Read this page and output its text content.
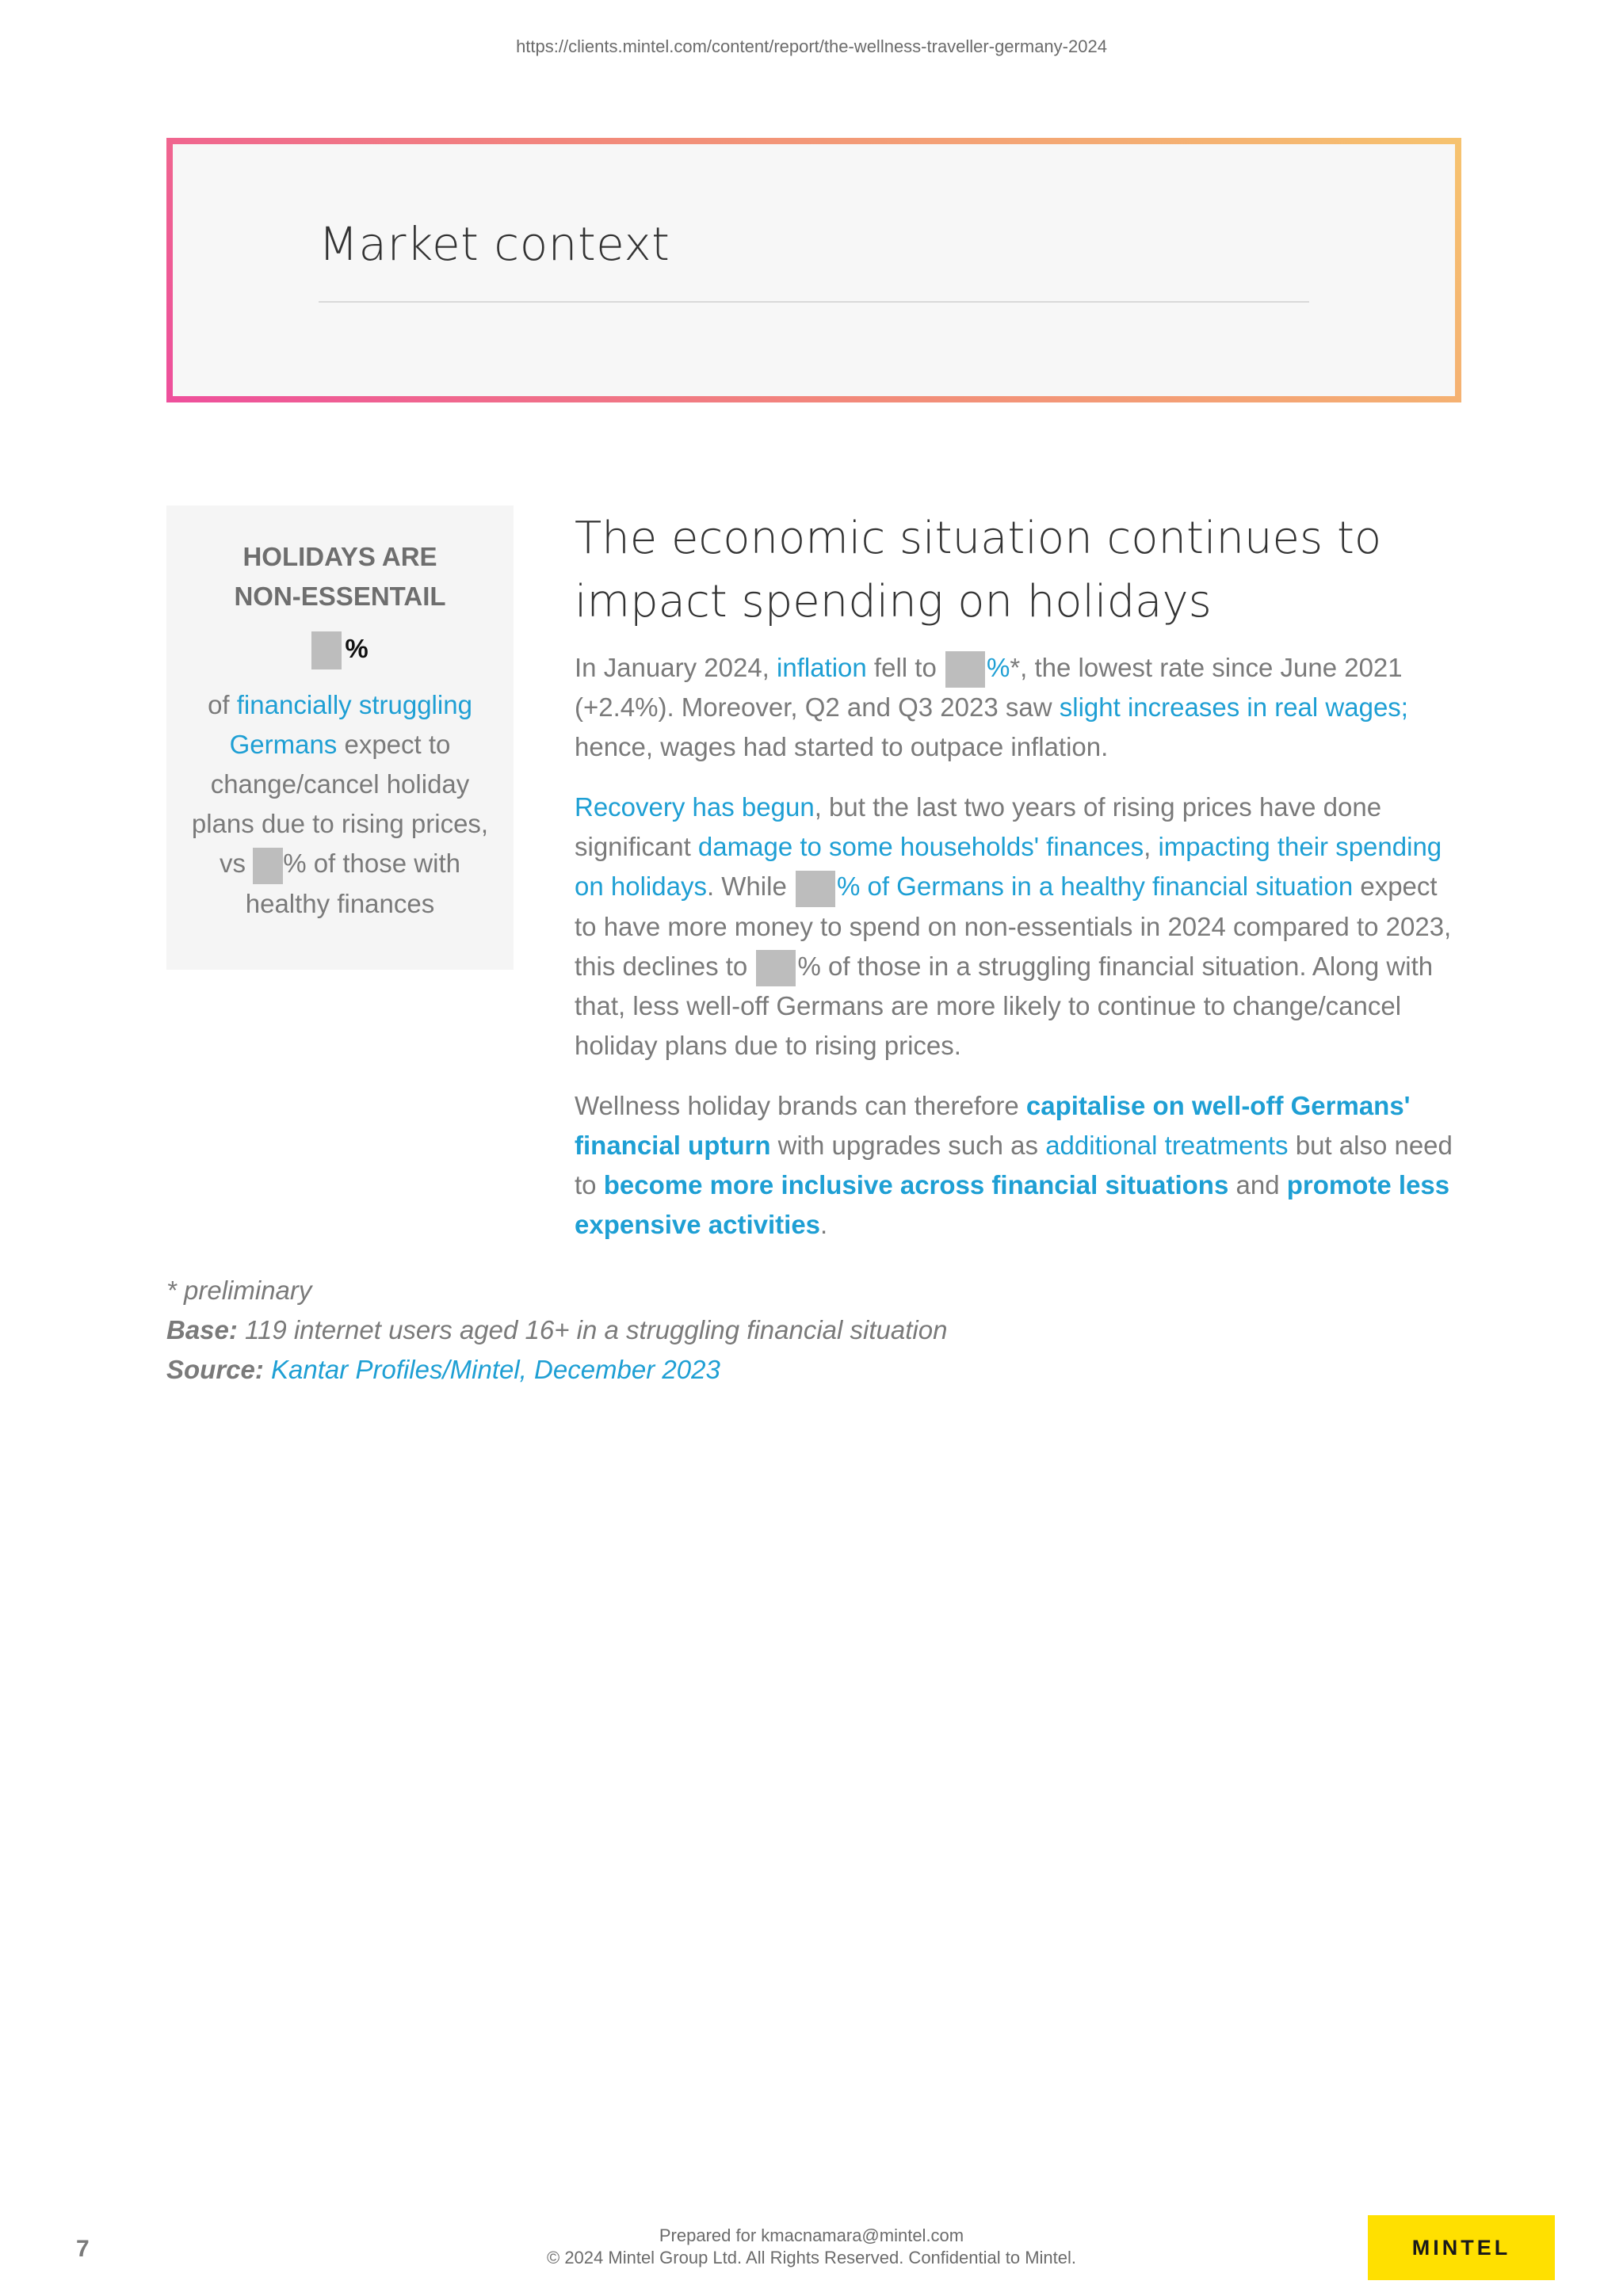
https://clients.mintel.com/content/report/the-wellness-traveller-germany-2024
Market context
HOLIDAYS ARE
NON-ESSENTAIL
%
of financially struggling Germans expect to change/cancel holiday plans due to rising prices, vs % of those with healthy finances
The economic situation continues to impact spending on holidays

In January 2024, inflation fell to %*, the lowest rate since June 2021 (+2.4%). Moreover, Q2 and Q3 2023 saw slight increases in real wages; hence, wages had started to outpace inflation.

Recovery has begun, but the last two years of rising prices have done significant damage to some households' finances, impacting their spending on holidays. While % of Germans in a healthy financial situation expect to have more money to spend on non-essentials in 2024 compared to 2023, this declines to % of those in a struggling financial situation. Along with that, less well-off Germans are more likely to continue to change/cancel holiday plans due to rising prices.

Wellness holiday brands can therefore capitalise on well-off Germans' financial upturn with upgrades such as additional treatments but also need to become more inclusive across financial situations and promote less expensive activities.

* preliminary
Base: 119 internet users aged 16+ in a struggling financial situation
Source: Kantar Profiles/Mintel, December 2023
7
Prepared for kmacnamara@mintel.com
© 2024 Mintel Group Ltd. All Rights Reserved. Confidential to Mintel.	MINTEL
